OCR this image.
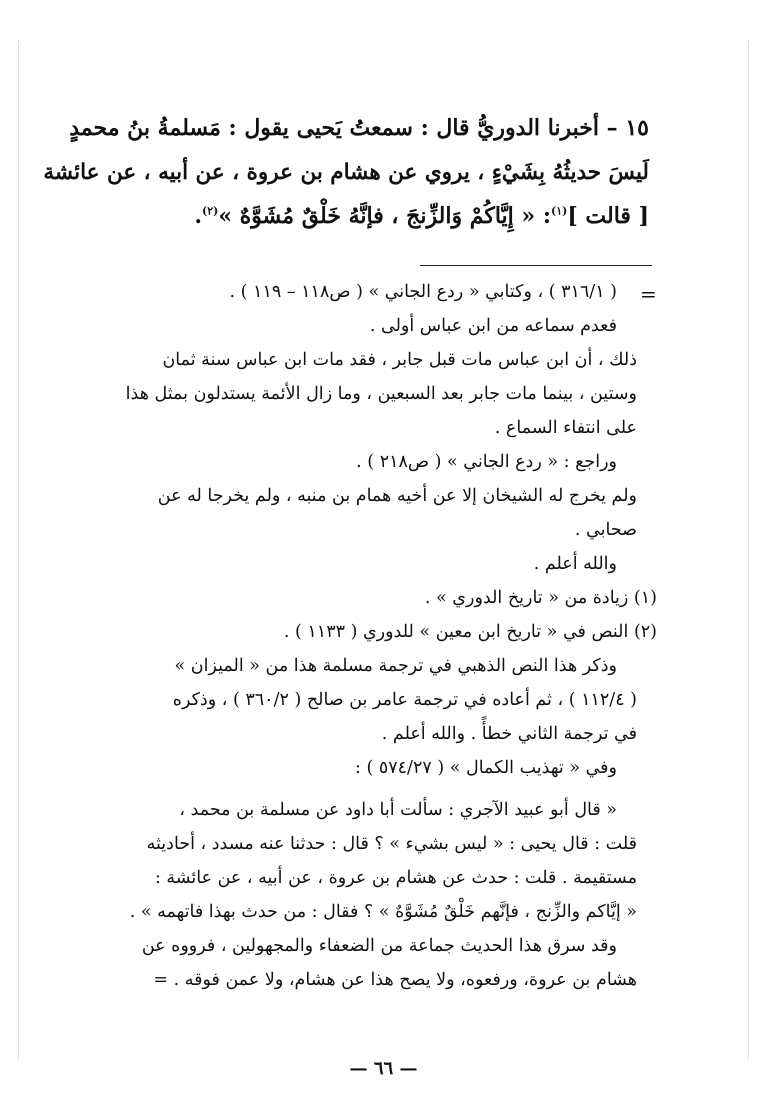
١٥ – أخبرنا الدوريُّ قال : سمعتُ يَحيى يقول : مَسلمةُ بنُ محمدٍ
لَيسَ حديثُهُ بِشَيْءٍ ، يروي عن هشام بن عروة ، عن أبيه ، عن عائشة
[ قالت ]$^{(١)}$: « إِيَّاكُمْ وَالزِّنجَ ، فإنَّهُ خَلْقٌ مُشَوَّهٌ »$^{(٢)}$.
=
( ٣١٦/١ ) ، وكتابي « ردع الجاني » ( ص١١٨ – ١١٩ ) .
فعدم سماعه من ابن عباس أولى .
ذلك ، أن ابن عباس مات قبل جابر ، فقد مات ابن عباس سنة ثمان
وستين ، بينما مات جابر بعد السبعين ، وما زال الأئمة يستدلون بمثل هذا
على انتفاء السماع .
وراجع : « ردع الجاني » ( ص٢١٨ ) .
ولم يخرج له الشيخان إلا عن أخيه همام بن منبه ، ولم يخرجا له عن
صحابي .
والله أعلم .
(١) زيادة من « تاريخ الدوري » .
(٢) النص في « تاريخ ابن معين » للدوري ( ١١٣٣ ) .
وذكر هذا النص الذهبي في ترجمة مسلمة هذا من « الميزان »
( ١١٢/٤ ) ، ثم أعاده في ترجمة عامر بن صالح ( ٣٦٠/٢ ) ، وذكره
في ترجمة الثاني خطأً . والله أعلم .
وفي « تهذيب الكمال » ( ٥٧٤/٢٧ ) :
« قال أبو عبيد الآجري : سألت أبا داود عن مسلمة بن محمد ،
قلت : قال يحيى : « ليس بشيء » ؟ قال : حدثنا عنه مسدد ، أحاديثه
مستقيمة . قلت : حدث عن هشام بن عروة ، عن أبيه ، عن عائشة :
« إيَّاكم والزِّنج ، فإنَّهم خَلْقٌ مُشَوَّهٌ » ؟ فقال : من حدث بهذا فاتهمه » .
وقد سرق هذا الحديث جماعة من الضعفاء والمجهولين ، فرووه عن
هشام بن عروة، ورفعوه، ولا يصح هذا عن هشام، ولا عمن فوقه . =
— ٦٦ —
